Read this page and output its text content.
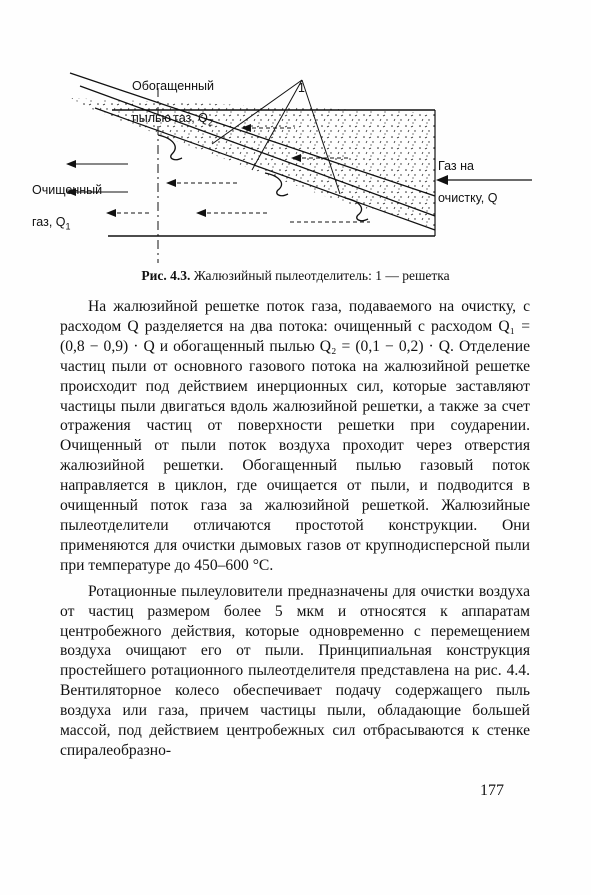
Обогащенный

пылью газ, $Q_2$

1

Очищенный

газ, $Q_1$

Газ на

очистку, Q

Рис. 4.3. Жалюзийный пылеотделитель: 1 — решетка

На жалюзийной решетке поток газа, подаваемого на очистку, с расходом Q разделяется на два потока: очищенный с расходом Q₁ = (0,8 − 0,9) · Q и обогащенный пылью Q₂ = (0,1 − 0,2) · Q. Отделение частиц пыли от основного газового потока на жалюзийной решетке происходит под действием инерционных сил, которые заставляют частицы пыли двигаться вдоль жалюзийной решетки, а также за счет отражения частиц от поверхности решетки при соударении. Очищенный от пыли поток воздуха проходит через отверстия жалюзийной решетки. Обогащенный пылью газовый поток направляется в циклон, где очищается от пыли, и подводится в очищенный поток газа за жалюзийной решеткой. Жалюзийные пылеотделители отличаются простотой конструкции. Они применяются для очистки дымовых газов от крупнодисперсной пыли при температуре до 450–600 °С.

Ротационные пылеуловители предназначены для очистки воздуха от частиц размером более 5 мкм и относятся к аппаратам центробежного действия, которые одновременно с перемещением воздуха очищают его от пыли. Принципиальная конструкция простейшего ротационного пылеотделителя представлена на рис. 4.4. Вентиляторное колесо обеспечивает подачу содержащего пыль воздуха или газа, причем частицы пыли, обладающие большей массой, под действием центробежных сил отбрасываются к стенке спиралеобразно-

177
